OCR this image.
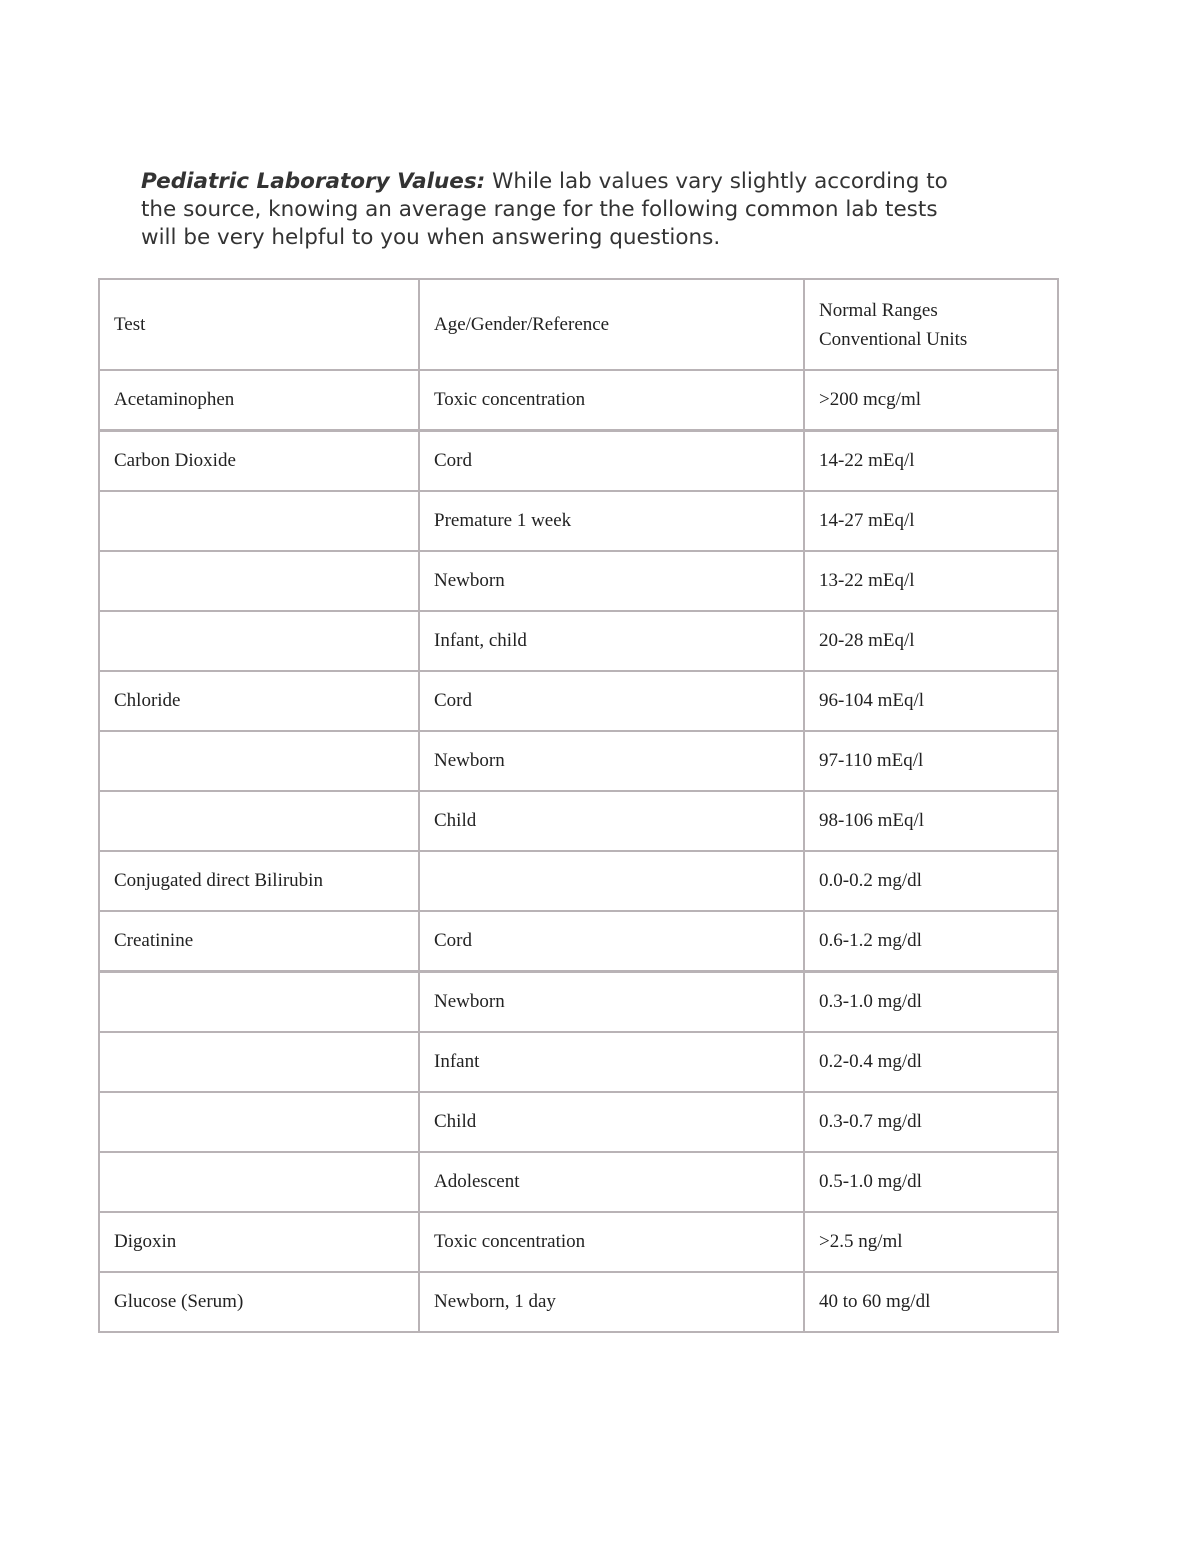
Pediatric Laboratory Values: While lab values vary slightly according to
the source, knowing an average range for the following common lab tests
will be very helpful to you when answering questions.
Test	Age/Gender/Reference	Normal Ranges
Conventional Units

Acetaminophen	Toxic concentration	>200 mcg/ml
Carbon Dioxide	Cord	14-22 mEq/l
	Premature 1 week	14-27 mEq/l
	Newborn	13-22 mEq/l
	Infant, child	20-28 mEq/l
Chloride	Cord	96-104 mEq/l
	Newborn	97-110 mEq/l
	Child	98-106 mEq/l
Conjugated direct Bilirubin		0.0-0.2 mg/dl
Creatinine	Cord	0.6-1.2 mg/dl
	Newborn	0.3-1.0 mg/dl
	Infant	0.2-0.4 mg/dl
	Child	0.3-0.7 mg/dl
	Adolescent	0.5-1.0 mg/dl
Digoxin	Toxic concentration	>2.5 ng/ml
Glucose (Serum)	Newborn, 1 day	40 to 60 mg/dl
